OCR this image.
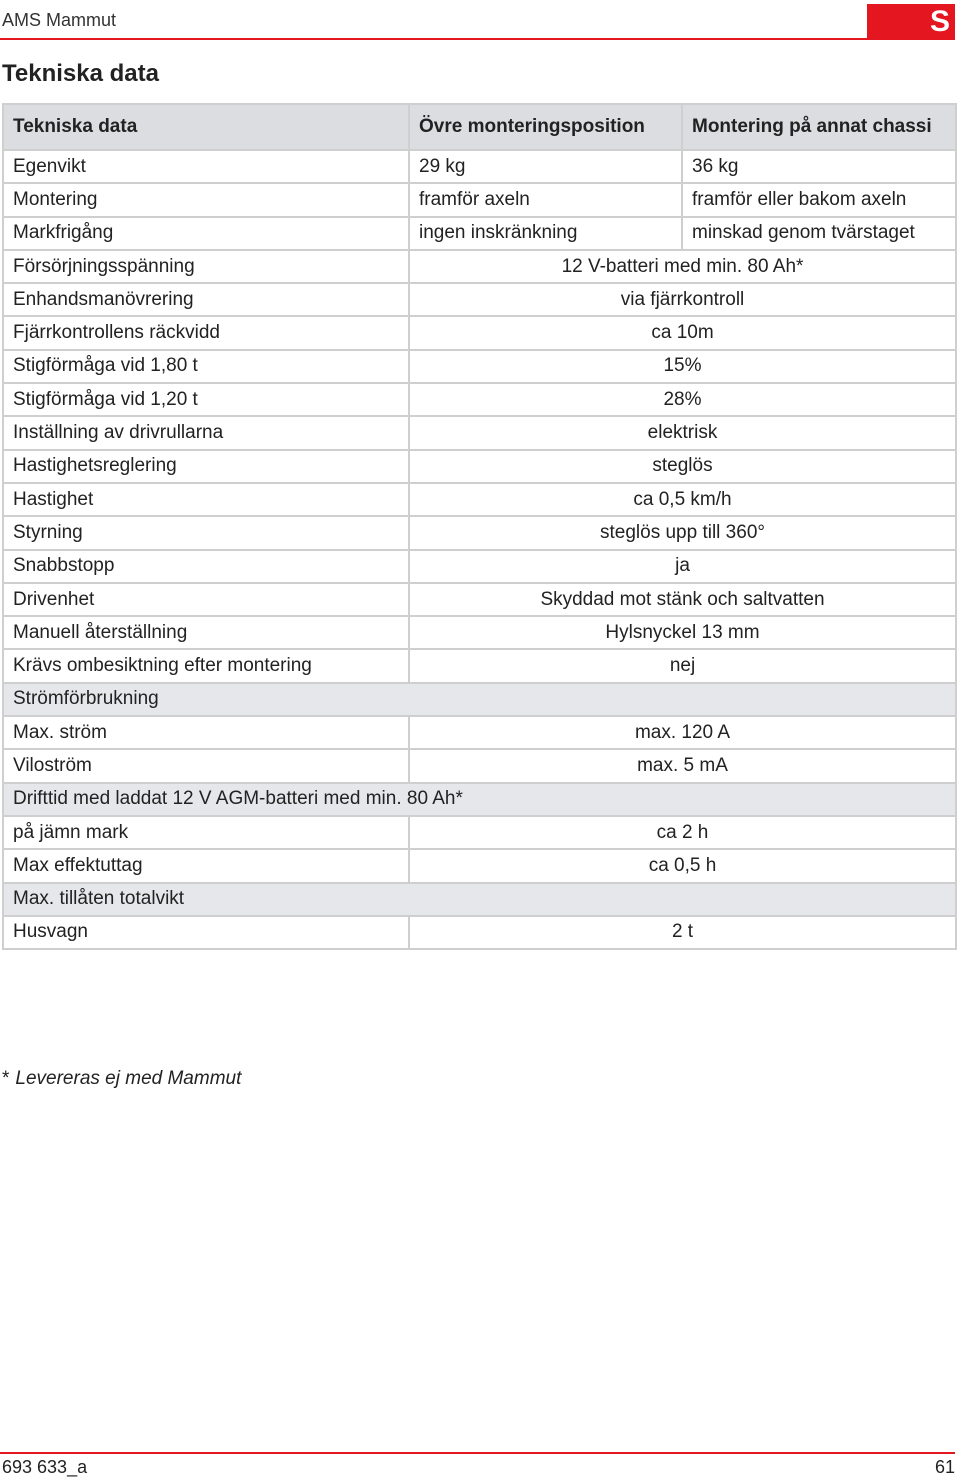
AMS Mammut	S
Tekniska data
Tekniska data	Övre monteringsposition	Montering på annat chassi
Egenvikt	29 kg	36 kg
Montering	framför axeln	framför eller bakom axeln
Markfrigång	ingen inskränkning	minskad genom tvärstaget
Försörjningsspänning	12 V-batteri med min. 80 Ah*	
Enhandsmanövrering	via fjärrkontroll	
Fjärrkontrollens räckvidd	ca 10m	
Stigförmåga vid 1,80 t	15%	
Stigförmåga vid 1,20 t	28%	
Inställning av drivrullarna	elektrisk	
Hastighetsreglering	steglös	
Hastighet	ca 0,5 km/h	
Styrning	steglös upp till 360°	
Snabbstopp	ja	
Drivenhet	Skyddad mot stänk och saltvatten	
Manuell återställning	Hylsnyckel 13 mm	
Krävs ombesiktning efter montering	nej	
Strömförbrukning		
Max. ström	max. 120 A	
Viloström	max. 5 mA	
Drifttid med laddat 12 V AGM-batteri med min. 80 Ah*		
på jämn mark	ca 2 h	
Max effektuttag	ca 0,5 h	
Max. tillåten totalvikt		
Husvagn	2 t	
* Levereras ej med Mammut
693 633_a	61
